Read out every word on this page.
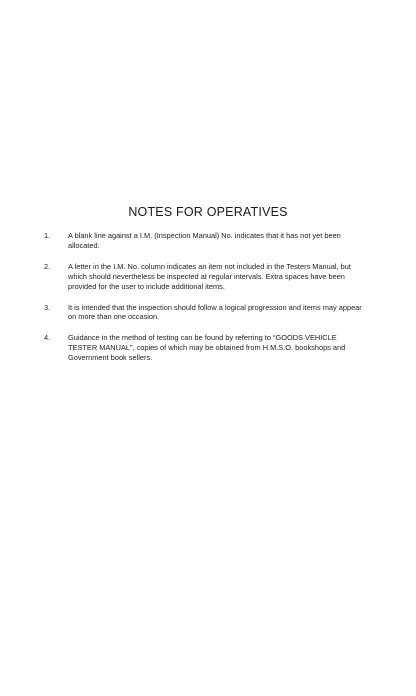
NOTES FOR OPERATIVES
1. A blank line against a I.M. (Inspection Manual) No. indicates that it has not yet been allocated.
2. A letter in the I.M. No. column indicates an item not included in the Testers Manual, but which should nevertheless be inspected at regular intervals. Extra spaces have been provided for the user to include additional items.
3. It is intended that the inspection should follow a logical progression and items may appear on more than one occasion.
4. Guidance in the method of testing can be found by referring to “GOODS VEHICLE TESTER MANUAL”, copies of which may be obtained from H.M.S.O. bookshops and Government book sellers.
